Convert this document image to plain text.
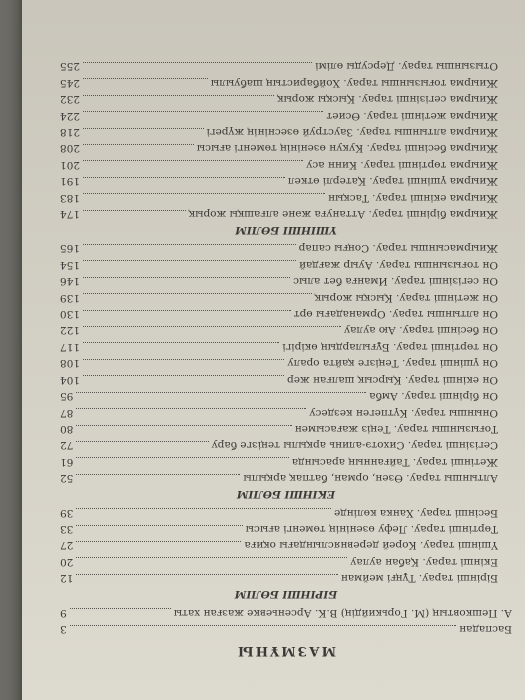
МАЗМҰНЫ
Баспадан
3
А. Пешковтың (М. Горькийдің) В.К. Арсеньевке жазған хаты
9
БІРІНШІ БӨЛІМ
Бірінші тарау. Тұңғі мейман
12
Екінші тарау. Қабан аулау
20
Үшінші тарау. Корей деревняслындағы оқиға
27
Төртінші тарау. Лефу өзенінің төменгі ағысы
33
Бесінші тарау. Ханка көлінде
39
ЕКІНШІ БӨЛІМ
Алтыншы тарау. Өзен, орман, батпақ арқылы
52
Жетінші тарау. Тайғанның арасында
61
Сегізінші тарау. Сихотэ-алинь арқылы теңізге бару
72
Тоғызыншы тарау. Теңіз жағасымен
80
Оныншы тарау. Күтпеген кездесу
87
Он бірінші тарау. Амба
95
Он екінші тарау. Қырсық шалған жер
104
Он үшінші тарау. Теңізге қайта оралу
108
Он төртінші тарау. Бұғылардың өкірігі
117
Он бесінші тарау. Аю аулау
122
Он алтыншы тарау. Орманадағы өрт
130
Он жетінші тарау. Қысқы жорық
139
Он сегізінші тарау. Иманға бет алыс
146
Он тоғызыншы тарау. Ауыр жағдай
154
Жиырмасыншы тарау. Соңғы сапар
165
ҮШІНШІ БӨЛІМ
Жиырма бірінші тарау. Аттануға және алғашқы жорық
174
Жиырма екінші тарау. Тасқын
183
Жиырма үшінші тарау. Қатерлі өткел
191
Жиырма төртінші тарау. Кинн асу
201
Жиырма бесінші тарау. Кукун өзенінің төменгі ағысы
208
Жиырма алтыншы тарау. Зауструй өзеснінің жүрегі
218
Жиырма жетінші тарау. Өсиет
224
Жиырма сегізінші тарау. Қысқы жорық
232
Жиырма тоғызыншы тарау. Хойбаристың шабуылы
245
Отызыншы тарау. Дерсуды өлімі
255
